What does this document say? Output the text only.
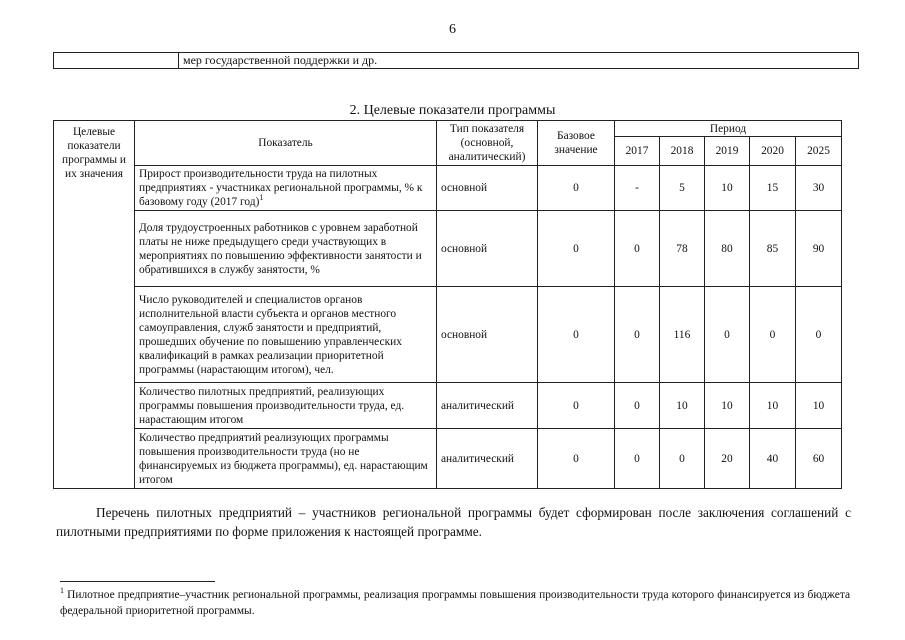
6
	мер государственной поддержки и др.
2. Целевые показатели программы
Целевые показатели программы и их значения	Показатель	Тип показателя (основной, аналитический)	Базовое значение	Период				
				2017	2018	2019	2020	2025
	Прирост производительности труда на пилотных предприятиях - участниках региональной программы, % к базовому году (2017 год)$^1$	основной	0	-	5	10	15	30
	Доля трудоустроенных работников с уровнем заработной платы не ниже предыдущего среди участвующих в мероприятиях по повышению эффективности занятости и обратившихся в службу занятости, %	основной	0	0	78	80	85	90
	Число руководителей и специалистов органов исполнительной власти субъекта и органов местного самоуправления, служб занятости и предприятий, прошедших обучение по повышению управленческих квалификаций в рамках реализации приоритетной программы (нарастающим итогом), чел.	основной	0	0	116	0	0	0
	Количество пилотных предприятий, реализующих программы повышения производительности труда, ед. нарастающим итогом	аналитический	0	0	10	10	10	10
	Количество предприятий реализующих программы повышения производительности труда (но не финансируемых из бюджета программы), ед. нарастающим итогом	аналитический	0	0	0	20	40	60
Перечень пилотных предприятий – участников региональной программы будет сформирован после заключения соглашений с пилотными предприятиями по форме приложения к настоящей программе.
$^1$ Пилотное предприятие–участник региональной программы, реализация программы повышения производительности труда которого финансируется из бюджета федеральной приоритетной программы.
